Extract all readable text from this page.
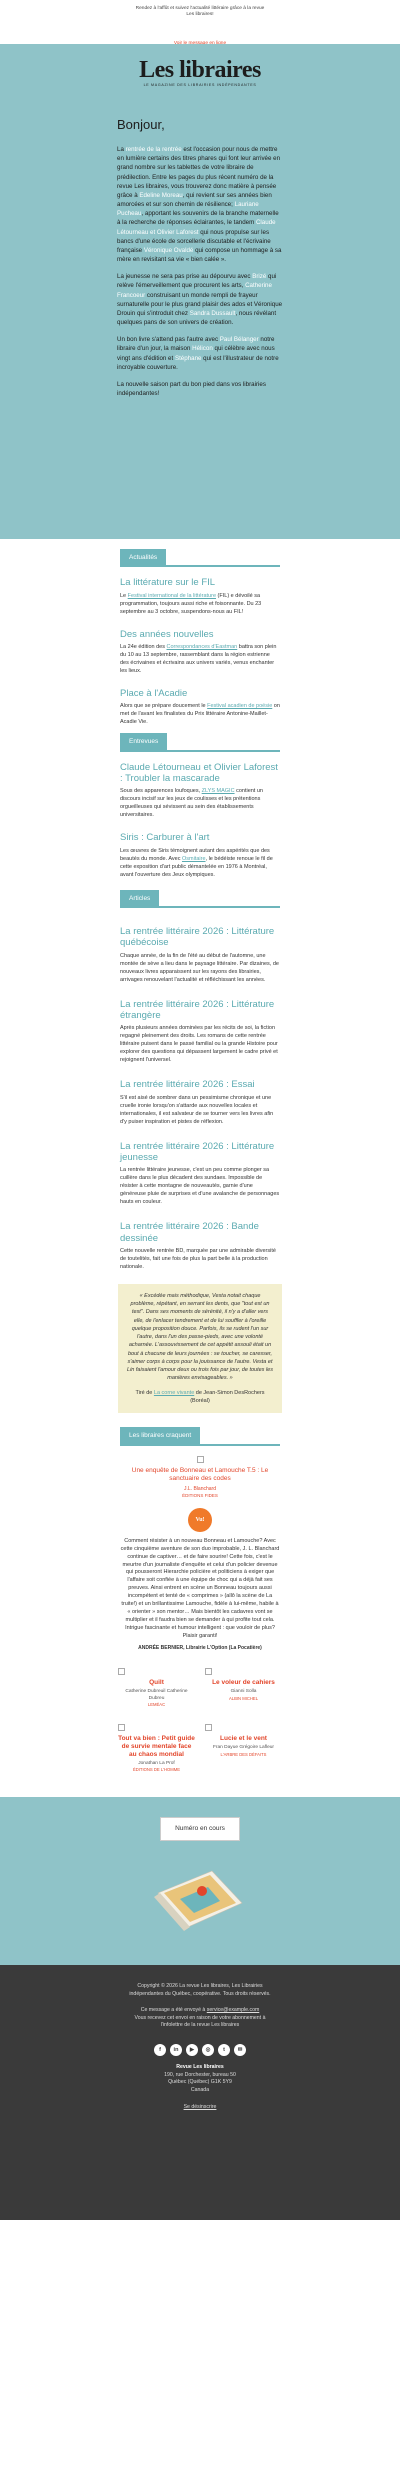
Rendez à l'affût et suivez l'actualité littéraire grâce à la revue Les libraires!
Les libraires
LE MAGAZINE DES LIBRAIRIES INDÉPENDANTES
Bonjour,

La rentrée de la rentrée est l'occasion pour nous de mettre en lumière certains des titres phares qui font leur arrivée en grand nombre sur les tablettes de votre libraire de prédilection. Entre les pages du plus récent numéro de la revue Les libraires, vous trouverez donc matière à pensée grâce à Edeline Moreau, qui revient sur ses années bien amorcées et sur son chemin de résilience; Lauriane Pucheau, apportant les souvenirs de la branche maternelle à la recherche de réponses éclairantes, le tandem Claude Létourneau et Olivier Laforest qui nous propulse sur les bancs d'une école de sorcellerie discutable et l'écrivaine française Véronique Ovaldé qui compose un hommage à sa mère en revisitant sa vie « bien calée ».

La jeunesse ne sera pas prise au dépourvu avec Brizé qui relève l'émerveillement que procurent les arts, Catherine Francoeur construisant un monde rempli de frayeur surnaturelle pour le plus grand plaisir des ados et Véronique Drouin qui s'introduit chez Sandra Dussault, nous révélant quelques pans de son univers de création.

Un bon livre s'attend pas l'autre avec Paul Bélanger notre libraire d'un jour, la maison Hélicon qui célèbre avec nous vingt ans d'édition et Stéphane qui est l'illustrateur de notre incroyable couverture.

La nouvelle saison part du bon pied dans vos librairies indépendantes!

Actualités
La littérature sur le FIL

Le Festival international de la littérature (FIL) e dévoilé sa programmation, toujours aussi riche et foisonnante. Du 23 septembre au 3 octobre, suspendons-nous au FIL!

Des années nouvelles

La 24e édition des Correspondances d'Eastman battra son plein du 10 au 13 septembre, rassemblant dans la région estrienne des écrivaines et écrivains aux univers variés, venus enchanter les lieux.

Place à l'Acadie

Alors que se prépare doucement le Festival acadien de poésie on met de l'avant les finalistes du Prix littéraire Antonine-Maillet-Acadie Vie.

Entrevues
Claude Létourneau et Olivier Laforest : Troubler la mascarade

Sous des apparences loufoques, ZLYS MAGIC contient un discours incisif sur les jeux de coulisses et les prétentions orgueilleuses qui sévissent au sein des établissements universitaires.

Siris : Carburer à l'art

Les œuvres de Siris témoignent autant des aspérités que des beautés du monde. Avec Osmitaire, le bédéiste renoue le fil de cette exposition d'art public démantelée en 1976 à Montréal, avant l'ouverture des Jeux olympiques.

Articles
La rentrée littéraire 2026 : Littérature québécoise

Chaque année, de la fin de l'été au début de l'automne, une montée de sève a lieu dans le paysage littéraire. Par dizaines, de nouveaux livres apparaissent sur les rayons des librairies, arrivages renouvelant l'actualité et réfléchissant les années.

La rentrée littéraire 2026 : Littérature étrangère

Après plusieurs années dominées par les récits de soi, la fiction regagné pleinement des droits. Les romans de cette rentrée littéraire puisent dans le passé familial ou la grande Histoire pour explorer des questions qui dépassent largement le cadre privé et rejoignent l'universel.

La rentrée littéraire 2026 : Essai

S'il est aisé de sombrer dans un pessimisme chronique et une cruelle ironie lorsqu'on s'attarde aux nouvelles locales et internationales, il est salvateur de se tourner vers les livres afin d'y puiser inspiration et pistes de réflexion.

La rentrée littéraire 2026 : Littérature jeunesse

La rentrée littéraire jeunesse, c'est un peu comme plonger sa cuillère dans le plus décadent des sundaes. Impossible de résister à cette montagne de nouveautés, garnie d'une généreuse pluie de surprises et d'une avalanche de personnages hauts en couleur.

La rentrée littéraire 2026 : Bande dessinée

Cette nouvelle rentrée BD, marquée par une admirable diversité de toutelités, fait une fois de plus la part belle à la production nationale.

« Excédée mais méthodique, Vesta notait chaque problème, répétant, en serrant les dents, que "tout est un test". Dans ses moments de sérénité, il n'y a d'aller vers elle, de l'enlacer tendrement et de lui souffler à l'oreille quelque proposition douce. Parfois, ils se rudent l'un sur l'autre, dans l'un des passe-pieds, avec une volonté acharnée. L'assouvissement de cet appétit assouli était un bout à chacune de leurs journées : se toucher, se caresser, s'aimer corps à corps pour la jouissance de l'autre. Vesta et Lin faisaient l'amour deux ou trois fois par jour, de toutes les manières envisageables. »
Tiré de La corne vivante de Jean-Simon DesRochers (Boréal)
Les libraires craquent
Une enquête de Bonneau et Lamouche T.5 : Le sanctuaire des codes
J.L. Blanchard
ÉDITIONS FIDES
Vu!
Comment résister à un nouveau Bonneau et Lamouche? Avec cette cinquième aventure de son duo improbable, J. L. Blanchard continue de captiver… et de faire sourire! Cette fois, c'est le meurtre d'un journaliste d'enquête et celui d'un policier devenue qui pousseront Hierarchie policière et politiciens à exiger que l'affaire soit confiée à une équipe de choc qui a déjà fait ses preuves. Ainsi entrent en scène un Bonneau toujours aussi incompétent et tenté de « comprimes » (allô la scène de La truite!) et un brillantissime Lamouche, fidèle à lui-même, habile à « orienter » son mentor… Mais bientôt les cadavres vont se multiplier et il faudra bien se demander à qui profite tout cela. Intrigue fascinante et humour intelligent : que vouloir de plus? Plaisir garanti!
ANDRÉE BERNIER, Librairie L'Option (La Pocatière)
Quilt
Catherine Dubreuil Catherine Dubreu
LEMÉAC
Le voleur de cahiers
Gianni Solla
ALBIN MICHEL
Tout va bien : Petit guide de survie mentale face au chaos mondial
Jonathan La Prof
ÉDITIONS DE L'HOMME
Lucie et le vent
Fran Dayue Grégoire Lafleur
L'ARBRE DES DÉFAITS
Numéro en cours
Copyright © 2026 La revue Les libraires, Les Librairies indépendantes du Québec, coopérative. Tous droits réservés.
Ce message a été envoyé à service@example.com
Vous recevez cet envoi en raison de votre abonnement à l'infolettre de la revue Les libraires
f	in	▶	◎	t	✉
Revue Les libraires
190, rue Dorchester, bureau 50
Québec (Québec) G1K 5Y9
Canada
Se désinscrire
